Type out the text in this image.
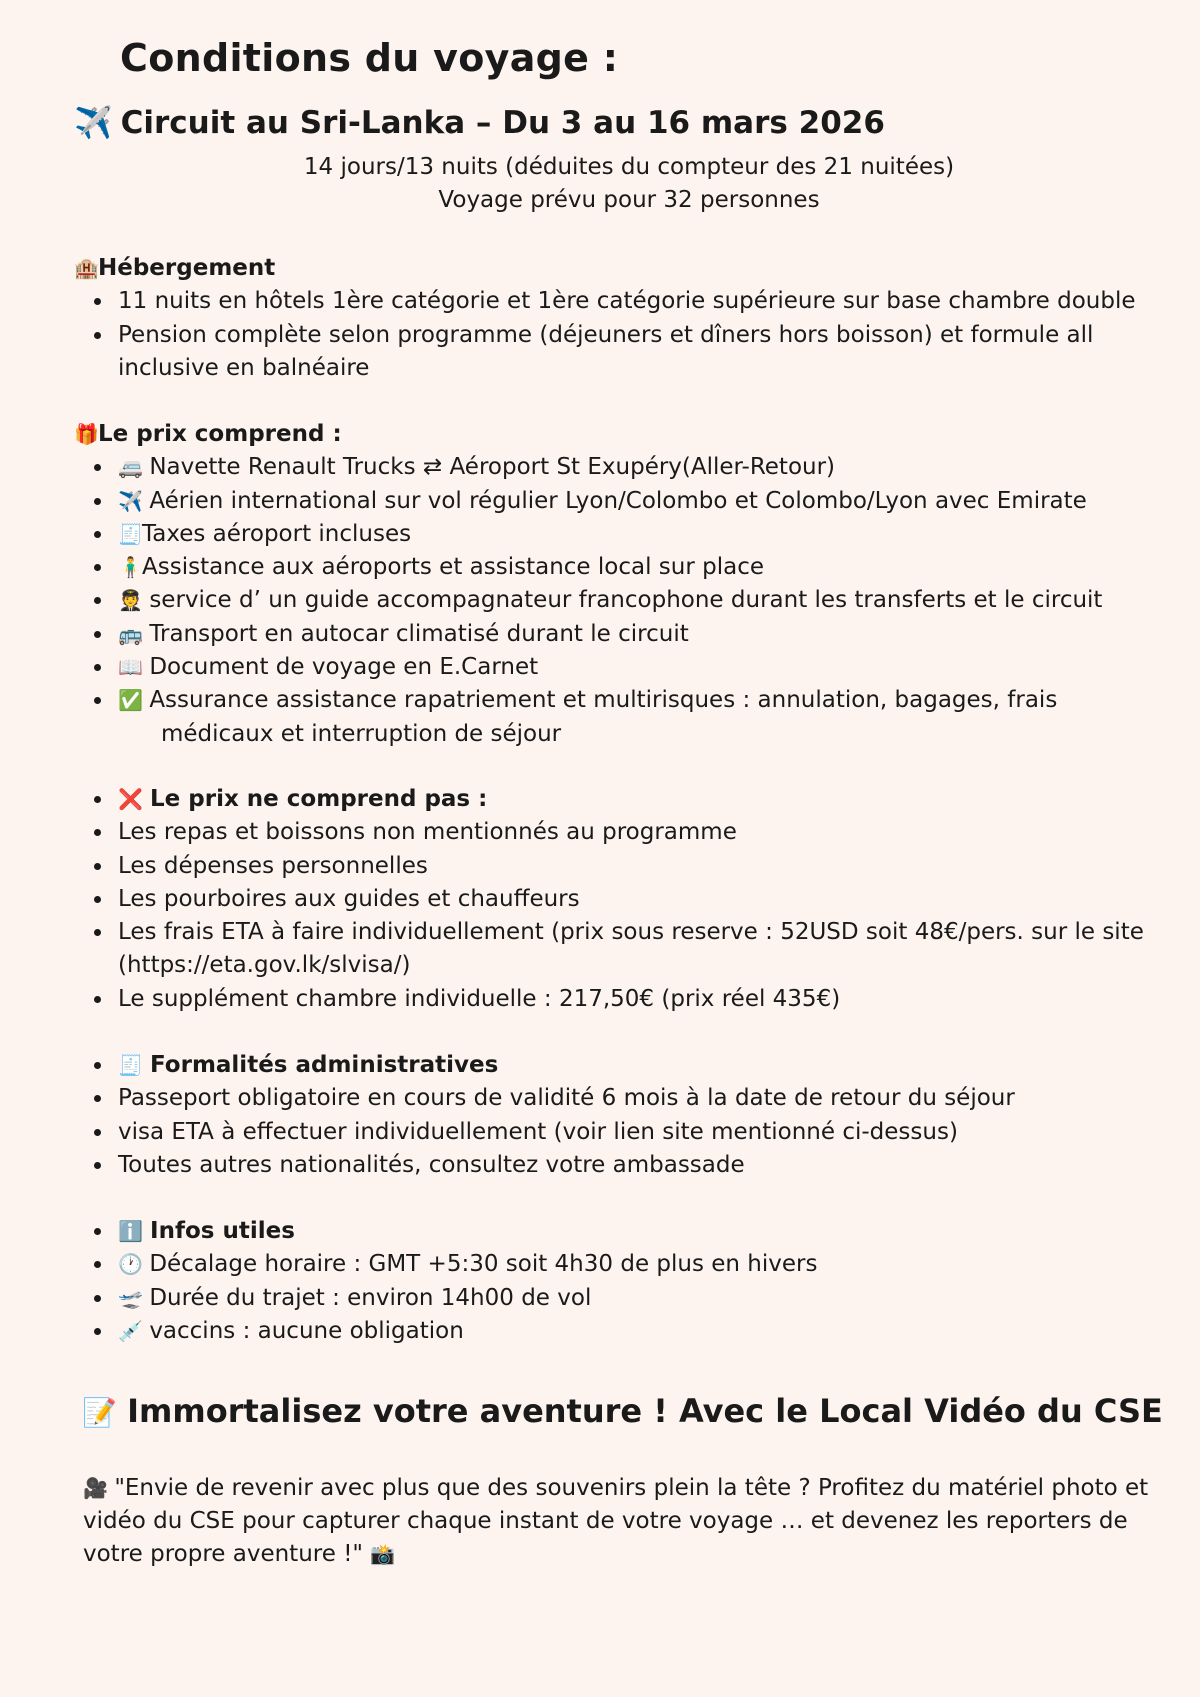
Conditions du voyage :
✈️ Circuit au Sri-Lanka – Du 3 au 16 mars 2026
14 jours/13 nuits (déduites du compteur des 21 nuitées)
Voyage prévu pour 32 personnes
🏨Hébergement
11 nuits en hôtels 1ère catégorie et 1ère catégorie supérieure sur base chambre double
Pension complète selon programme (déjeuners et dîners hors boisson) et formule all inclusive en balnéaire
🎁Le prix comprend :
🚐 Navette Renault Trucks ⇄ Aéroport St Exupéry(Aller-Retour)
✈️ Aérien international sur vol régulier Lyon/Colombo et Colombo/Lyon avec Emirate
🧾Taxes aéroport incluses
🧍‍♂️Assistance aux aéroports et assistance local sur place
🧑‍✈️ service d’ un guide accompagnateur francophone durant les transferts et le circuit
🚌 Transport en autocar climatisé durant le circuit
📖 Document de voyage en E.Carnet
✅ Assurance assistance rapatriement et multirisques : annulation, bagages, frais
médicaux et interruption de séjour
❌ Le prix ne comprend pas :
Les repas et boissons non mentionnés au programme
Les dépenses personnelles
Les pourboires aux guides et chauffeurs
Les frais ETA à faire individuellement (prix sous reserve : 52USD soit 48€/pers. sur le site (https://eta.gov.lk/slvisa/)
Le supplément chambre individuelle : 217,50€ (prix réel 435€)
🧾 Formalités administratives
Passeport obligatoire en cours de validité 6 mois à la date de retour du séjour
visa ETA à effectuer individuellement (voir lien site mentionné ci-dessus)
Toutes autres nationalités, consultez votre ambassade
ℹ️ Infos utiles
🕐 Décalage horaire : GMT +5:30 soit 4h30 de plus en hivers
🛫 Durée du trajet : environ 14h00 de vol
💉 vaccins : aucune obligation
📝 Immortalisez votre aventure ! Avec le Local Vidéo du CSE
🎥 "Envie de revenir avec plus que des souvenirs plein la tête ? Profitez du matériel photo et vidéo du CSE pour capturer chaque instant de votre voyage … et devenez les reporters de votre propre aventure !" 📸
